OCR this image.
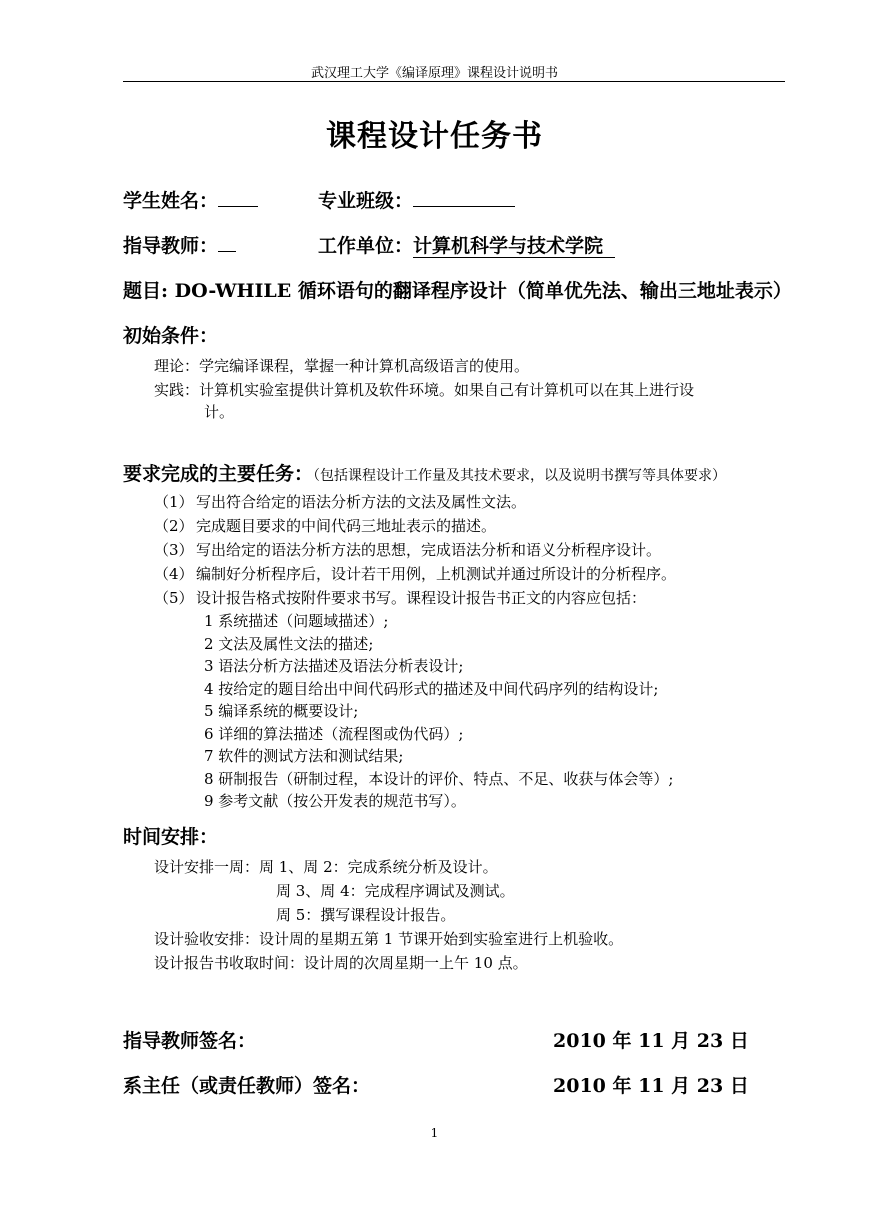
武汉理工大学《编译原理》课程设计说明书
课程设计任务书
学生姓名：	专业班级：
指导教师：	工作单位：计算机科学与技术学院
题目: DO-WHILE 循环语句的翻译程序设计（简单优先法、输出三地址表示）
初始条件：
理论：学完编译课程，掌握一种计算机高级语言的使用。
实践：计算机实验室提供计算机及软件环境。如果自己有计算机可以在其上进行设
计。
要求完成的主要任务：（包括课程设计工作量及其技术要求，以及说明书撰写等具体要求）
（1） 写出符合给定的语法分析方法的文法及属性文法。
（2） 完成题目要求的中间代码三地址表示的描述。
（3） 写出给定的语法分析方法的思想，完成语法分析和语义分析程序设计。
（4） 编制好分析程序后，设计若干用例，上机测试并通过所设计的分析程序。
（5） 设计报告格式按附件要求书写。课程设计报告书正文的内容应包括：
1 系统描述（问题域描述）;
2 文法及属性文法的描述;
3 语法分析方法描述及语法分析表设计;
4 按给定的题目给出中间代码形式的描述及中间代码序列的结构设计;
5 编译系统的概要设计;
6 详细的算法描述（流程图或伪代码）;
7 软件的测试方法和测试结果;
8 研制报告（研制过程，本设计的评价、特点、不足、收获与体会等）;
9 参考文献（按公开发表的规范书写）。
时间安排：
设计安排一周：周 1、周 2：完成系统分析及设计。
周 3、周 4：完成程序调试及测试。
周 5：撰写课程设计报告。
设计验收安排：设计周的星期五第 1 节课开始到实验室进行上机验收。
设计报告书收取时间：设计周的次周星期一上午 10 点。
指导教师签名：	2010 年 11 月 23 日
系主任（或责任教师）签名：	2010 年 11 月 23 日
1
